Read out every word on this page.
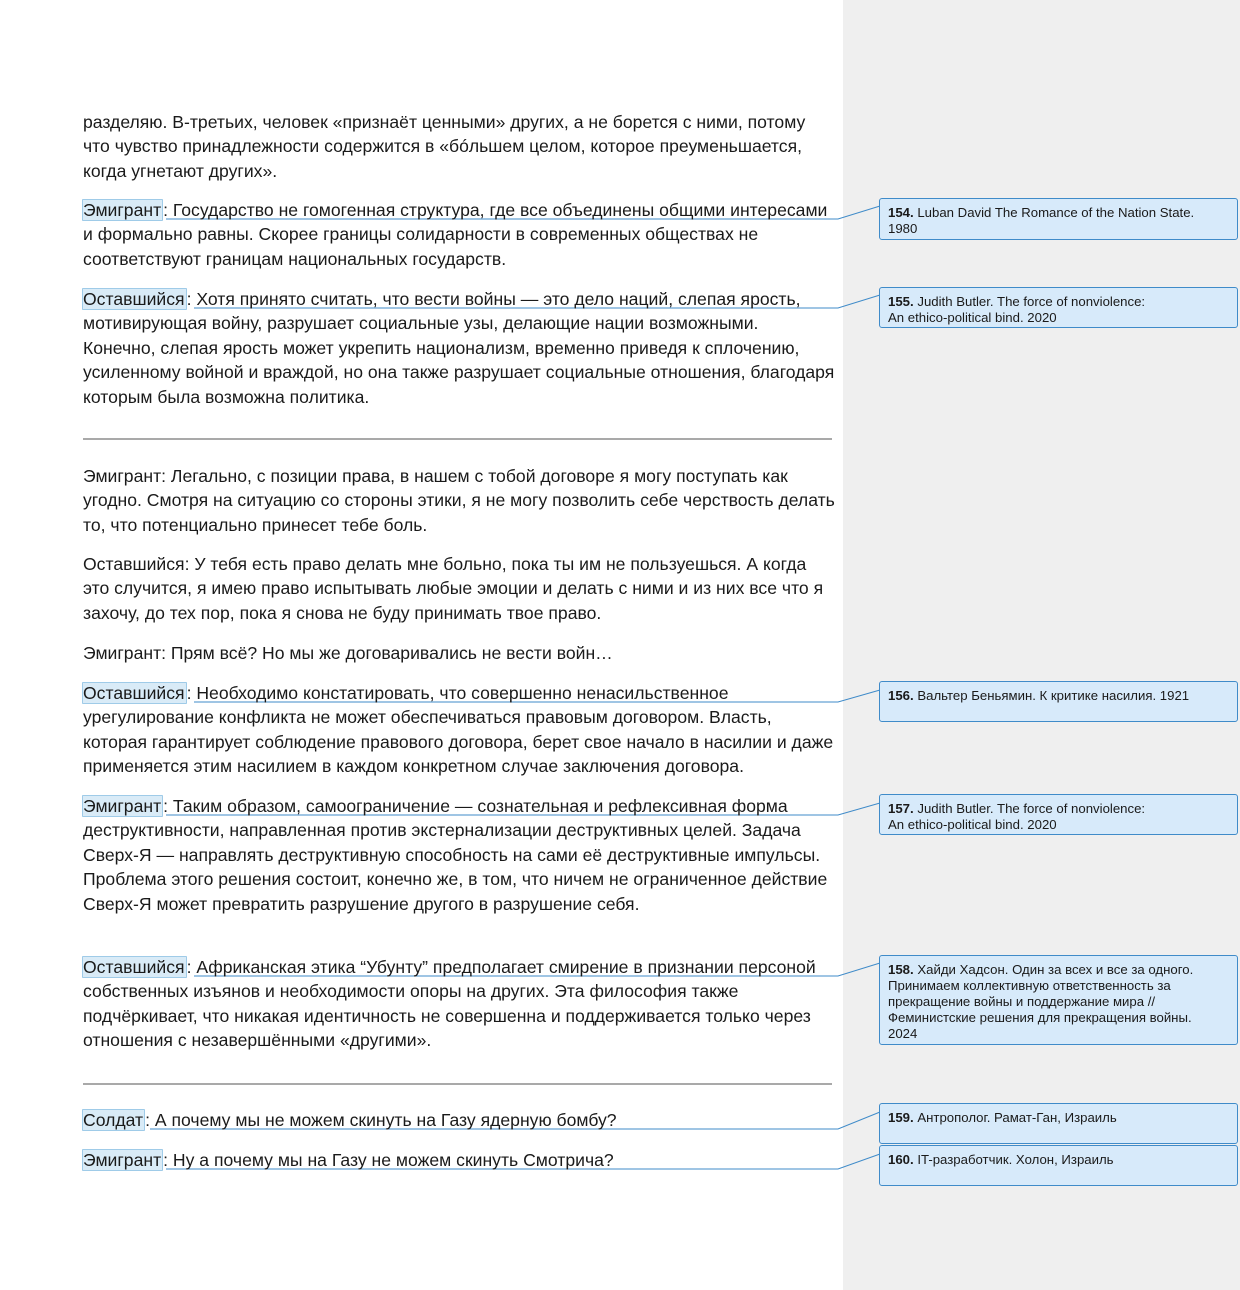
разделяю. В-третьих, человек «признаёт ценными» других, а не борется с ними, потому что чувство принадлежности содержится в «бóльшем целом, которое преуменьшается, когда угнетают других».

Эмигрант : Государство не гомогенная структура, где все объединены общими интересами и формально равны. Скорее границы солидарности в современных обществах не соответствуют границам национальных государств.

Оставшийся : Хотя принято считать, что вести войны — это дело наций, слепая ярость, мотивирующая войну, разрушает социальные узы, делающие нации возможными. Конечно, слепая ярость может укрепить национализм, временно приведя к сплочению, усиленному войной и враждой, но она также разрушает социальные отношения, благодаря которым была возможна политика.

Эмигрант: Легально, с позиции права, в нашем с тобой договоре я могу поступать как угодно. Смотря на ситуацию со стороны этики, я не могу позволить себе черствость делать то, что потенциально принесет тебе боль.

Оставшийся: У тебя есть право делать мне больно, пока ты им не пользуешься. А когда это случится, я имею право испытывать любые эмоции и делать с ними и из них все что я захочу, до тех пор, пока я снова не буду принимать твое право.

Эмигрант: Прям всё? Но мы же договаривались не вести войн…

Оставшийся : Необходимо констатировать, что совершенно ненасильственное урегулирование конфликта не может обеспечиваться правовым договором. Власть, которая гарантирует соблюдение правового договора, берет свое начало в насилии и даже применяется этим насилием в каждом конкретном случае заключения договора.

Эмигрант : Таким образом, самоограничение — сознательная и рефлексивная форма деструктивности, направленная против экстернализации деструктивных целей. Задача Сверх-Я — направлять деструктивную способность на сами её деструктивные импульсы. Проблема этого решения состоит, конечно же, в том, что ничем не ограниченное действие Сверх-Я может превратить разрушение другого в разрушение себя.

Оставшийся : Африканская этика “Убунту” предполагает смирение в признании персоной собственных изъянов и необходимости опоры на других. Эта философия также подчёркивает, что никакая идентичность не совершенна и поддерживается только через отношения с незавершёнными «другими».

Солдат : А почему мы не можем скинуть на Газу ядерную бомбу?

Эмигрант : Ну а почему мы на Газу не можем скинуть Смотрича?

154. Luban David The Romance of the Nation State.
1980
155. Judith Butler. The force of nonviolence:
An ethico-political bind. 2020
156. Вальтер Беньямин. К критике насилия. 1921
157. Judith Butler. The force of nonviolence:
An ethico-political bind. 2020
158. Хайди Хадсон. Один за всех и все за одного.
Принимаем коллективную ответственность за
прекращение войны и поддержание мира //
Феминистские решения для прекращения войны.
2024
159. Антрополог. Рамат-Ган, Израиль
160. IT-разработчик. Холон, Израиль
